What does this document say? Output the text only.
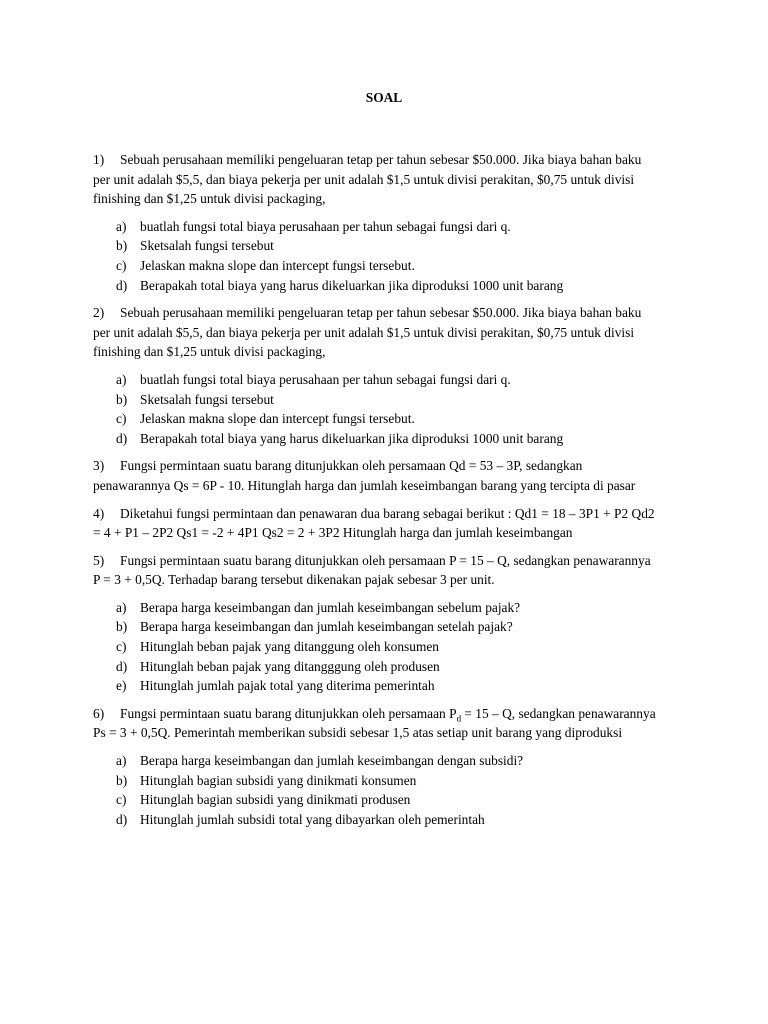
SOAL

1) Sebuah perusahaan memiliki pengeluaran tetap per tahun sebesar $50.000. Jika biaya bahan baku per unit adalah $5,5, dan biaya pekerja per unit adalah $1,5 untuk divisi perakitan, $0,75 untuk divisi finishing dan $1,25 untuk divisi packaging,

a) buatlah fungsi total biaya perusahaan per tahun sebagai fungsi dari q.
b) Sketsalah fungsi tersebut
c) Jelaskan makna slope dan intercept fungsi tersebut.
d) Berapakah total biaya yang harus dikeluarkan jika diproduksi 1000 unit barang

2) Sebuah perusahaan memiliki pengeluaran tetap per tahun sebesar $50.000. Jika biaya bahan baku per unit adalah $5,5, dan biaya pekerja per unit adalah $1,5 untuk divisi perakitan, $0,75 untuk divisi finishing dan $1,25 untuk divisi packaging,

a) buatlah fungsi total biaya perusahaan per tahun sebagai fungsi dari q.
b) Sketsalah fungsi tersebut
c) Jelaskan makna slope dan intercept fungsi tersebut.
d) Berapakah total biaya yang harus dikeluarkan jika diproduksi 1000 unit barang

3) Fungsi permintaan suatu barang ditunjukkan oleh persamaan Qd = 53 – 3P, sedangkan penawarannya Qs = 6P - 10. Hitunglah harga dan jumlah keseimbangan barang yang tercipta di pasar

4) Diketahui fungsi permintaan dan penawaran dua barang sebagai berikut : Qd1 = 18 – 3P1 + P2 Qd2 = 4 + P1 – 2P2 Qs1 = -2 + 4P1 Qs2 = 2 + 3P2 Hitunglah harga dan jumlah keseimbangan

5) Fungsi permintaan suatu barang ditunjukkan oleh persamaan P = 15 – Q, sedangkan penawarannya P = 3 + 0,5Q. Terhadap barang tersebut dikenakan pajak sebesar 3 per unit.

a) Berapa harga keseimbangan dan jumlah keseimbangan sebelum pajak?
b) Berapa harga keseimbangan dan jumlah keseimbangan setelah pajak?
c) Hitunglah beban pajak yang ditanggung oleh konsumen
d) Hitunglah beban pajak yang ditangggung oleh produsen
e) Hitunglah jumlah pajak total yang diterima pemerintah

6) Fungsi permintaan suatu barang ditunjukkan oleh persamaan $P_d = 15 - Q$, sedangkan penawarannya Ps = 3 + 0,5Q. Pemerintah memberikan subsidi sebesar 1,5 atas setiap unit barang yang diproduksi

a) Berapa harga keseimbangan dan jumlah keseimbangan dengan subsidi?
b) Hitunglah bagian subsidi yang dinikmati konsumen
c) Hitunglah bagian subsidi yang dinikmati produsen
d) Hitunglah jumlah subsidi total yang dibayarkan oleh pemerintah
